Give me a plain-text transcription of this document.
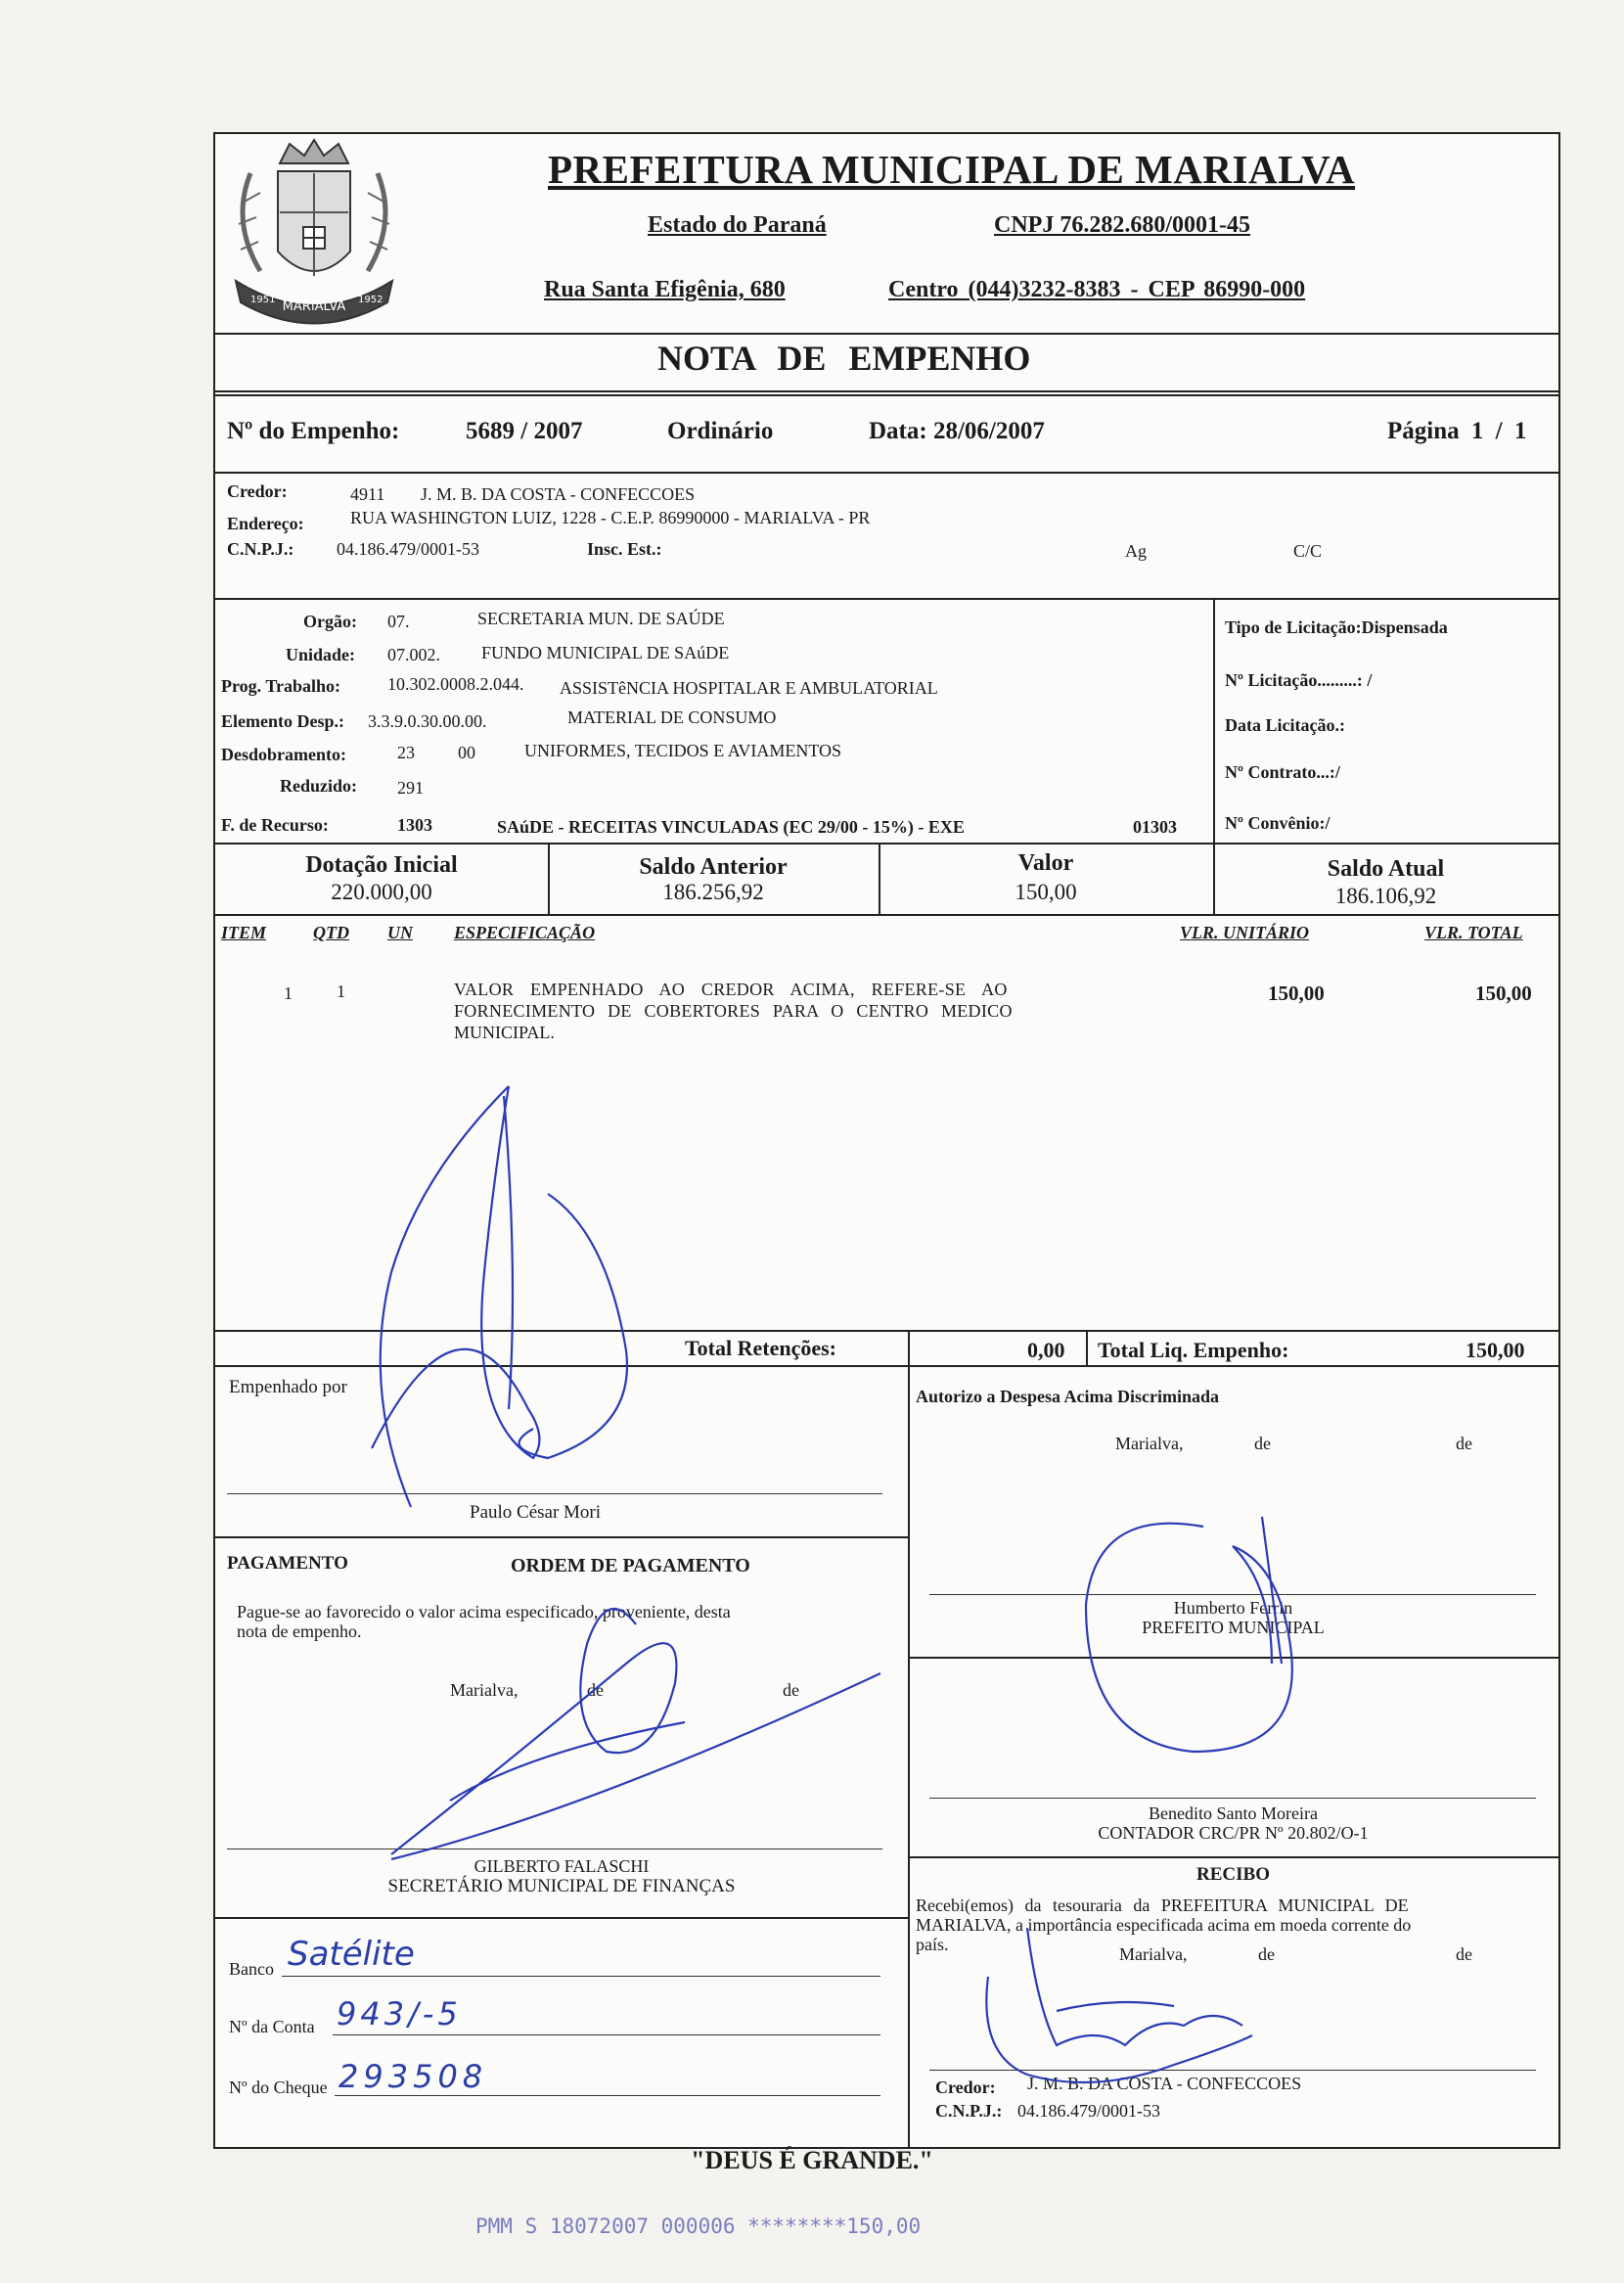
MARIALVA
1951	1952
PREFEITURA MUNICIPAL DE MARIALVA
Estado do Paraná	CNPJ 76.282.680/0001-45
Rua Santa Efigênia, 680	Centro (044)3232-8383 - CEP 86990-000
NOTA DE EMPENHO
Nº do Empenho:	5689 / 2007	Ordinário	Data: 28/06/2007	Página 1 / 1
Credor:	4911 J. M. B. DA COSTA - CONFECCOES
Endereço:	RUA WASHINGTON LUIZ, 1228 - C.E.P. 86990000 - MARIALVA - PR
C.N.P.J.: 04.186.479/0001-53	Insc. Est.:	Ag	C/C
Orgão: 07.	SECRETARIA MUN. DE SAÚDE
Unidade: 07.002. FUNDO MUNICIPAL DE SAúDE
Prog. Trabalho:	10.302.0008.2.044. ASSISTêNCIA HOSPITALAR E AMBULATORIAL
Elemento Desp.: 3.3.9.0.30.00.00.	MATERIAL DE CONSUMO
Desdobramento:	23 00	UNIFORMES, TECIDOS E AVIAMENTOS
Reduzido: 291
F. de Recurso:	1303	SAúDE - RECEITAS VINCULADAS (EC 29/00 - 15%) - EXE	01303
Tipo de Licitação:Dispensada
Nº Licitação.........: /
Data Licitação.:
Nº Contrato...:/
Nº Convênio:/
Dotação Inicial
220.000,00
Saldo Anterior
186.256,92
Valor
150,00
Saldo Atual
186.106,92
ITEM	QTD UN ESPECIFICAÇÃO	VLR. UNITÁRIO	VLR. TOTAL
1	1	VALOR EMPENHADO AO CREDOR ACIMA, REFERE-SE AO
FORNECIMENTO DE COBERTORES PARA O CENTRO MEDICO
MUNICIPAL.
150,00	150,00
Total Retenções:	0,00 Total Liq. Empenho:	150,00
Empenhado por
Paulo César Mori
Autorizo a Despesa Acima Discriminada
Marialva,	de	de
Humberto Ferrin
PREFEITO MUNICIPAL
Benedito Santo Moreira
CONTADOR CRC/PR Nº 20.802/O-1
PAGAMENTO	ORDEM DE PAGAMENTO
Pague-se ao favorecido o valor acima especificado, proveniente, desta
nota de empenho.
Marialva,	de	de
GILBERTO FALASCHI
SECRETÁRIO MUNICIPAL DE FINANÇAS
Banco Satélite
Nº da Conta 943/-5
Nº do Cheque 293508
RECIBO
Recebi(emos) da tesouraria da PREFEITURA MUNICIPAL DE
MARIALVA, a importância especificada acima em moeda corrente do
país.	Marialva,	de	de
Credor: J. M. B. DA COSTA - CONFECCOES
C.N.P.J.: 04.186.479/0001-53
"DEUS É GRANDE."
PMM S 18072007 000006 ********150,00
